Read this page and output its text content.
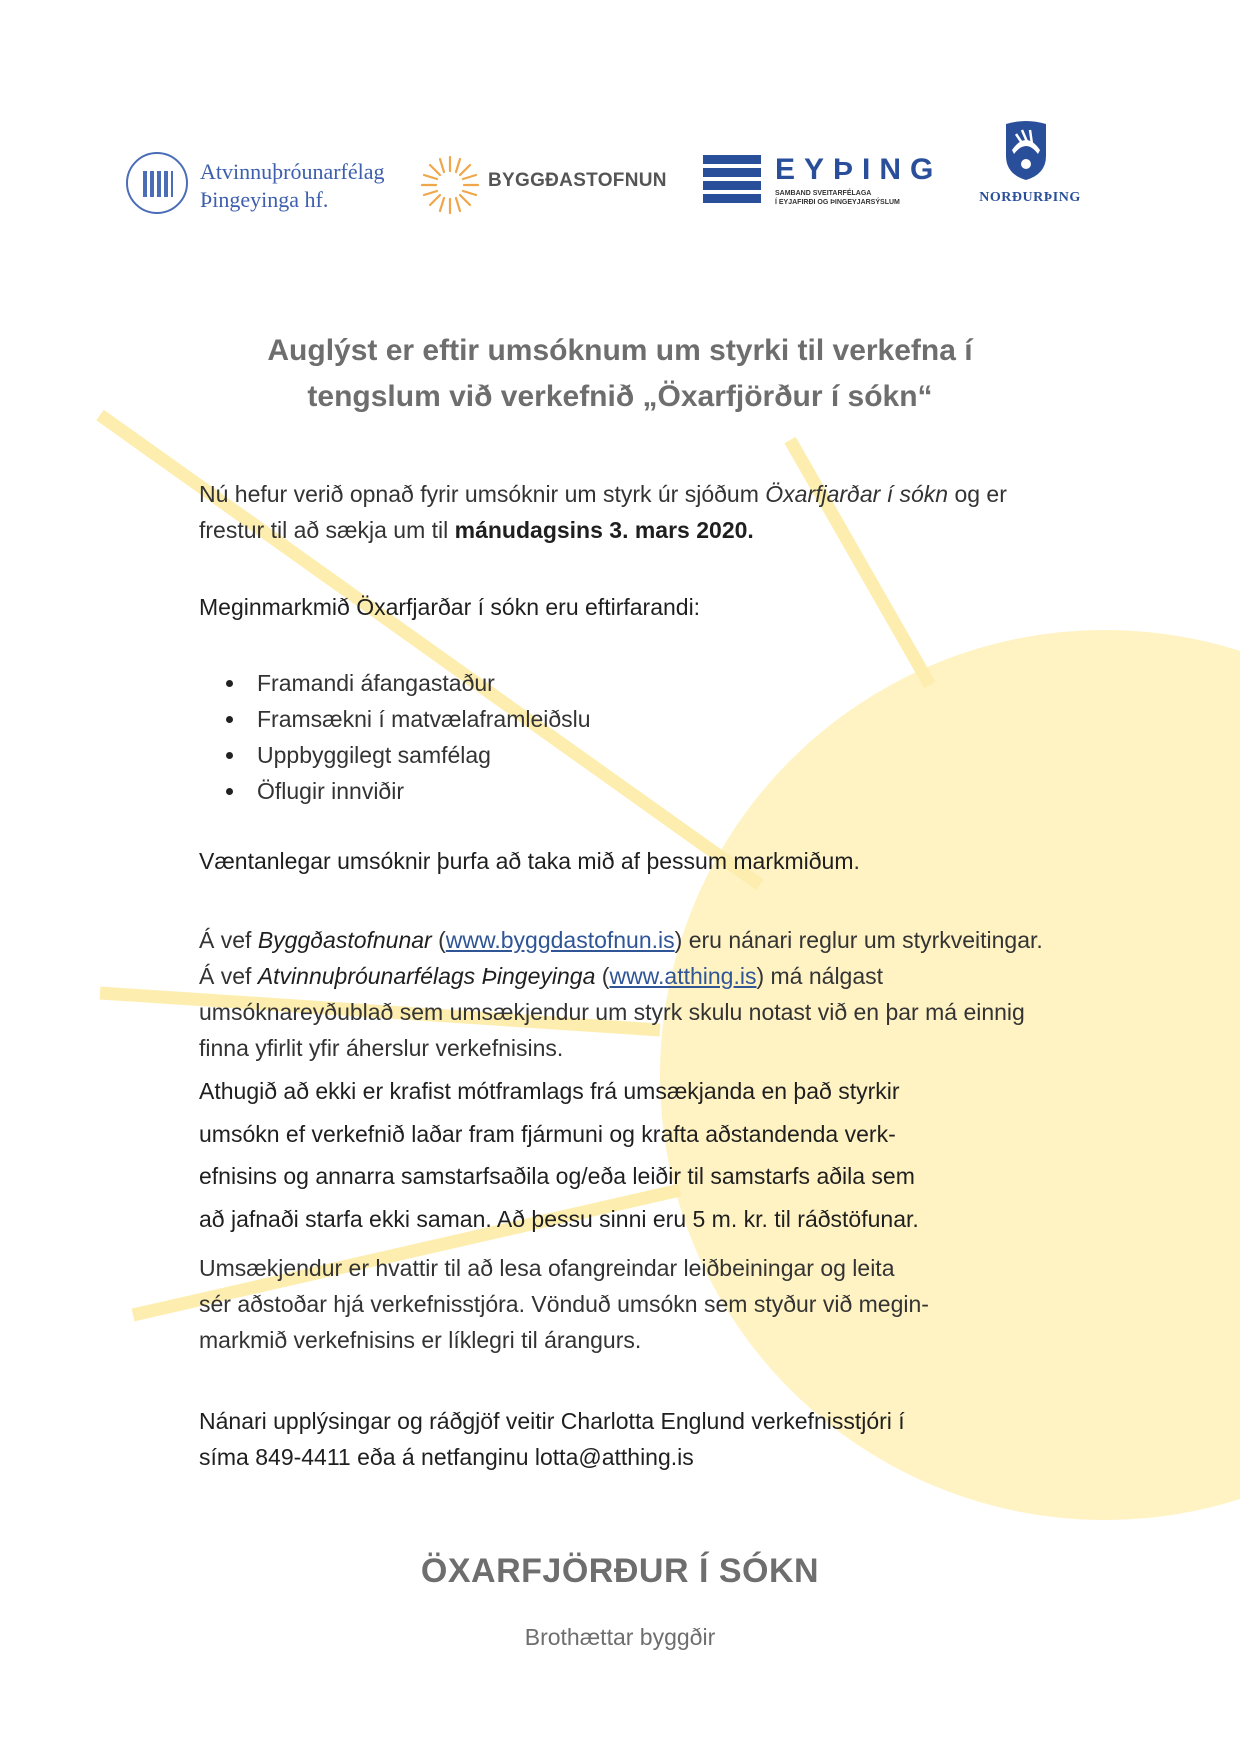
Atvinnuþróunarfélag
Þingeyinga hf.
BYGGÐASTOFNUN	EYÞING
SAMBAND SVEITARFÉLAGA
Í EYJAFIRÐI OG ÞINGEYJARSÝSLUM	NORÐURÞING
Auglýst er eftir umsóknum um styrki til verkefna í
tengslum við verkefnið „Öxarfjörður í sókn“
Nú hefur verið opnað fyrir umsóknir um styrk úr sjóðum Öxarfjarðar í sókn og er frestur til að sækja um til mánudagsins 3. mars 2020.
Meginmarkmið Öxarfjarðar í sókn eru eftirfarandi:
Framandi áfangastaður
Framsækni í matvælaframleiðslu
Uppbyggilegt samfélag
Öflugir innviðir
Væntanlegar umsóknir þurfa að taka mið af þessum markmiðum.
Á vef Byggðastofnunar (www.byggdastofnun.is) eru nánari reglur um styrkveitingar. Á vef Atvinnuþróunarfélags Þingeyinga (www.atthing.is) má nálgast umsóknareyðublað sem umsækjendur um styrk skulu notast við en þar má einnig finna yfirlit yfir áherslur verkefnisins.
Athugið að ekki er krafist mótframlags frá umsækjanda en það styrkir
umsókn ef verkefnið laðar fram fjármuni og krafta aðstandenda verk-
efnisins og annarra samstarfsaðila og/eða leiðir til samstarfs aðila sem
að jafnaði starfa ekki saman. Að þessu sinni eru 5 m. kr. til ráðstöfunar.
Umsækjendur er hvattir til að lesa ofangreindar leiðbeiningar og leita
sér aðstoðar hjá verkefnisstjóra. Vönduð umsókn sem styður við megin-
markmið verkefnisins er líklegri til árangurs.
Nánari upplýsingar og ráðgjöf veitir Charlotta Englund verkefnisstjóri í
síma 849-4411 eða á netfanginu lotta@atthing.is
ÖXARFJÖRÐUR Í SÓKN
Brothættar byggðir
